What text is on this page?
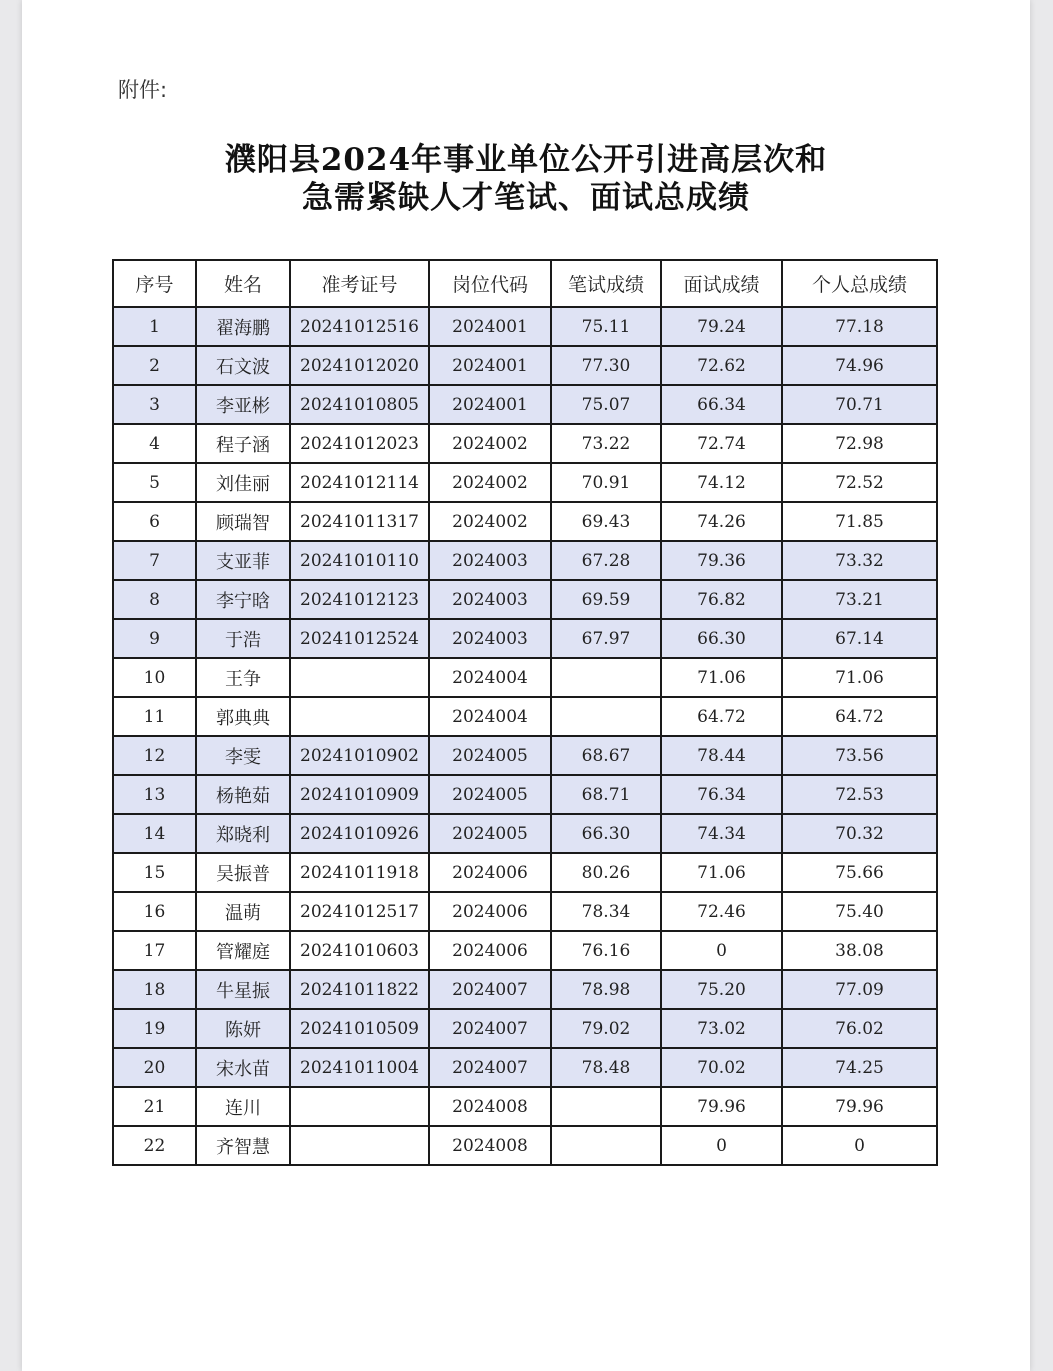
附件:
濮阳县2024年事业单位公开引进高层次和
急需紧缺人才笔试、面试总成绩
序号	姓名	准考证号	岗位代码	笔试成绩	面试成绩	个人总成绩
1	翟海鹏	20241012516	2024001	75.11	79.24	77.18
2	石文波	20241012020	2024001	77.30	72.62	74.96
3	李亚彬	20241010805	2024001	75.07	66.34	70.71
4	程子涵	20241012023	2024002	73.22	72.74	72.98
5	刘佳丽	20241012114	2024002	70.91	74.12	72.52
6	顾瑞智	20241011317	2024002	69.43	74.26	71.85
7	支亚菲	20241010110	2024003	67.28	79.36	73.32
8	李宁晗	20241012123	2024003	69.59	76.82	73.21
9	于浩	20241012524	2024003	67.97	66.30	67.14
10	王争		2024004		71.06	71.06
11	郭典典		2024004		64.72	64.72
12	李雯	20241010902	2024005	68.67	78.44	73.56
13	杨艳茹	20241010909	2024005	68.71	76.34	72.53
14	郑晓利	20241010926	2024005	66.30	74.34	70.32
15	吴振普	20241011918	2024006	80.26	71.06	75.66
16	温萌	20241012517	2024006	78.34	72.46	75.40
17	管耀庭	20241010603	2024006	76.16	0	38.08
18	牛星振	20241011822	2024007	78.98	75.20	77.09
19	陈妍	20241010509	2024007	79.02	73.02	76.02
20	宋水苗	20241011004	2024007	78.48	70.02	74.25
21	连川		2024008		79.96	79.96
22	齐智慧		2024008		0	0
